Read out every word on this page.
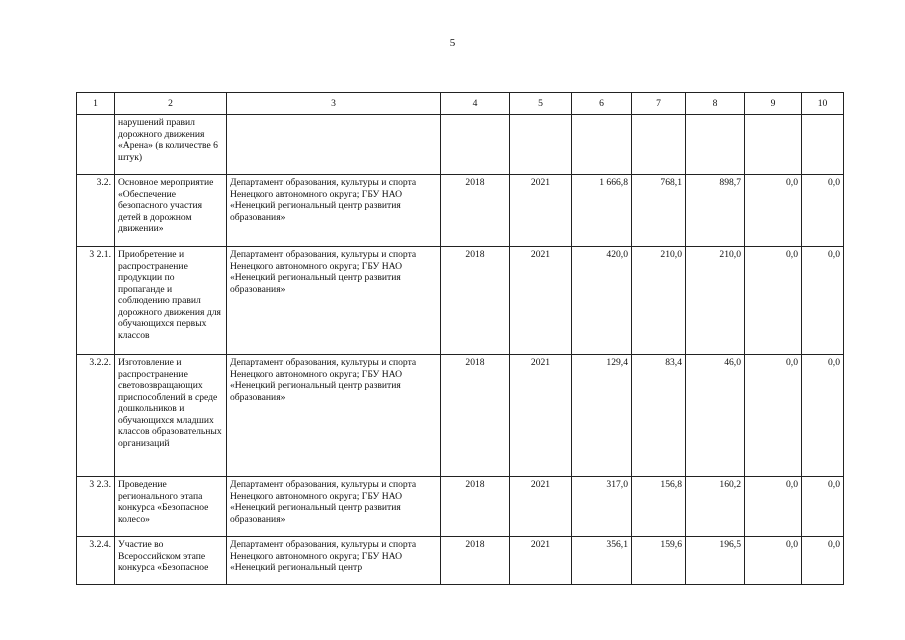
5
1	2	3	4	5	6	7	8	9	10
	нарушений правил дорожного движения «Арена» (в количестве 6 штук)								
3.2.	Основное мероприятие «Обеспечение безопасного участия детей в дорожном движении»	Департамент образования, культуры и спорта Ненецкого автономного округа; ГБУ НАО «Ненецкий региональный центр развития образования»	2018	2021	1 666,8	768,1	898,7	0,0	0,0
3 2.1.	Приобретение и распространение продукции по пропаганде и соблюдению правил дорожного движения для обучающихся первых классов	Департамент образования, культуры и спорта Ненецкого автономного округа; ГБУ НАО «Ненецкий региональный центр развития образования»	2018	2021	420,0	210,0	210,0	0,0	0,0
3.2.2.	Изготовление и распространение световозвращающих приспособлений в среде дошкольников и обучающихся младших классов образовательных организаций	Департамент образования, культуры и спорта Ненецкого автономного округа; ГБУ НАО «Ненецкий региональный центр развития образования»	2018	2021	129,4	83,4	46,0	0,0	0,0
3 2.3.	Проведение регионального этапа конкурса «Безопасное колесо»	Департамент образования, культуры и спорта Ненецкого автономного округа; ГБУ НАО «Ненецкий региональный центр развития образования»	2018	2021	317,0	156,8	160,2	0,0	0,0
3.2.4.	Участие во Всероссийском этапе конкурса «Безопасное	Департамент образования, культуры и спорта Ненецкого автономного округа; ГБУ НАО «Ненецкий региональный центр	2018	2021	356,1	159,6	196,5	0,0	0,0
